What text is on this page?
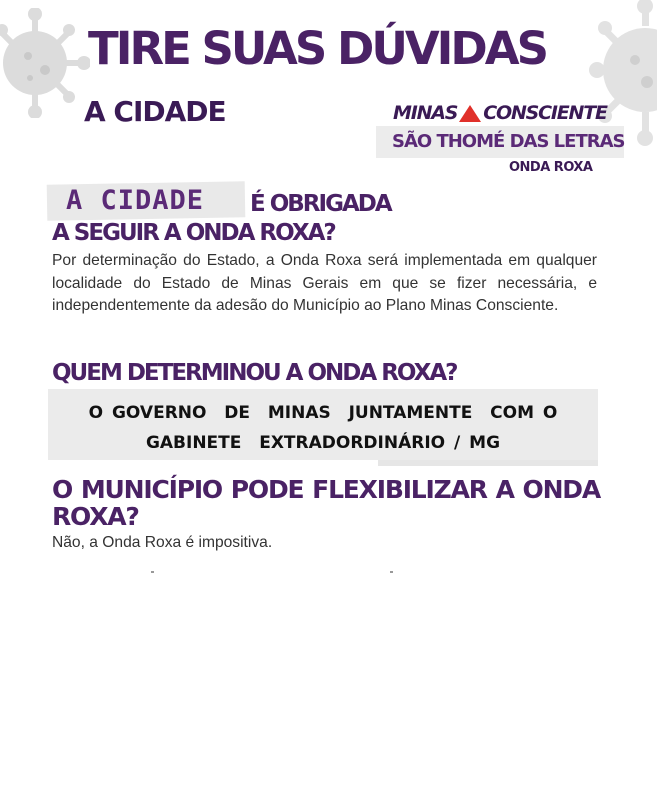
TIRE SUAS DÚVIDAS
A CIDADE	MINAS CONSCIENTE
SÃO THOMÉ DAS LETRAS
ONDA ROXA
A CIDADE É OBRIGADA
A SEGUIR A ONDA ROXA?
Por determinação do Estado, a Onda Roxa será implementada em qualquer localidade do Estado de Minas Gerais em que se fizer necessária, e independentemente da adesão do Município ao Plano Minas Consciente.
QUEM DETERMINOU A ONDA ROXA?
O GOVERNO  DE  MINAS  JUNTAMENTE  COM O
GABINETE  EXTRADORDINÁRIO / MG
O MUNICÍPIO PODE FLEXIBILIZAR A ONDA ROXA?
Não, a Onda Roxa é impositiva.
